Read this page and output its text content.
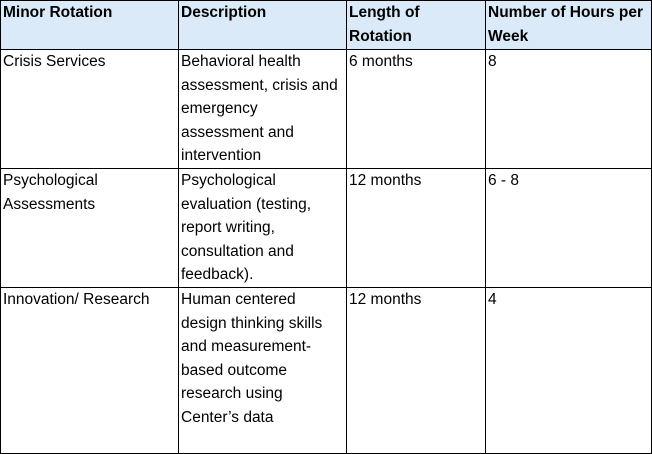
Minor Rotation	Description	Length of Rotation	Number of Hours per Week
Crisis Services	Behavioral health assessment, crisis and emergency assessment and intervention	6 months	8
Psychological Assessments	Psychological evaluation (testing, report writing, consultation and feedback).	12 months	6 - 8
Innovation/ Research	Human centered design thinking skills and measurement-based outcome research using Center’s data	12 months	4
